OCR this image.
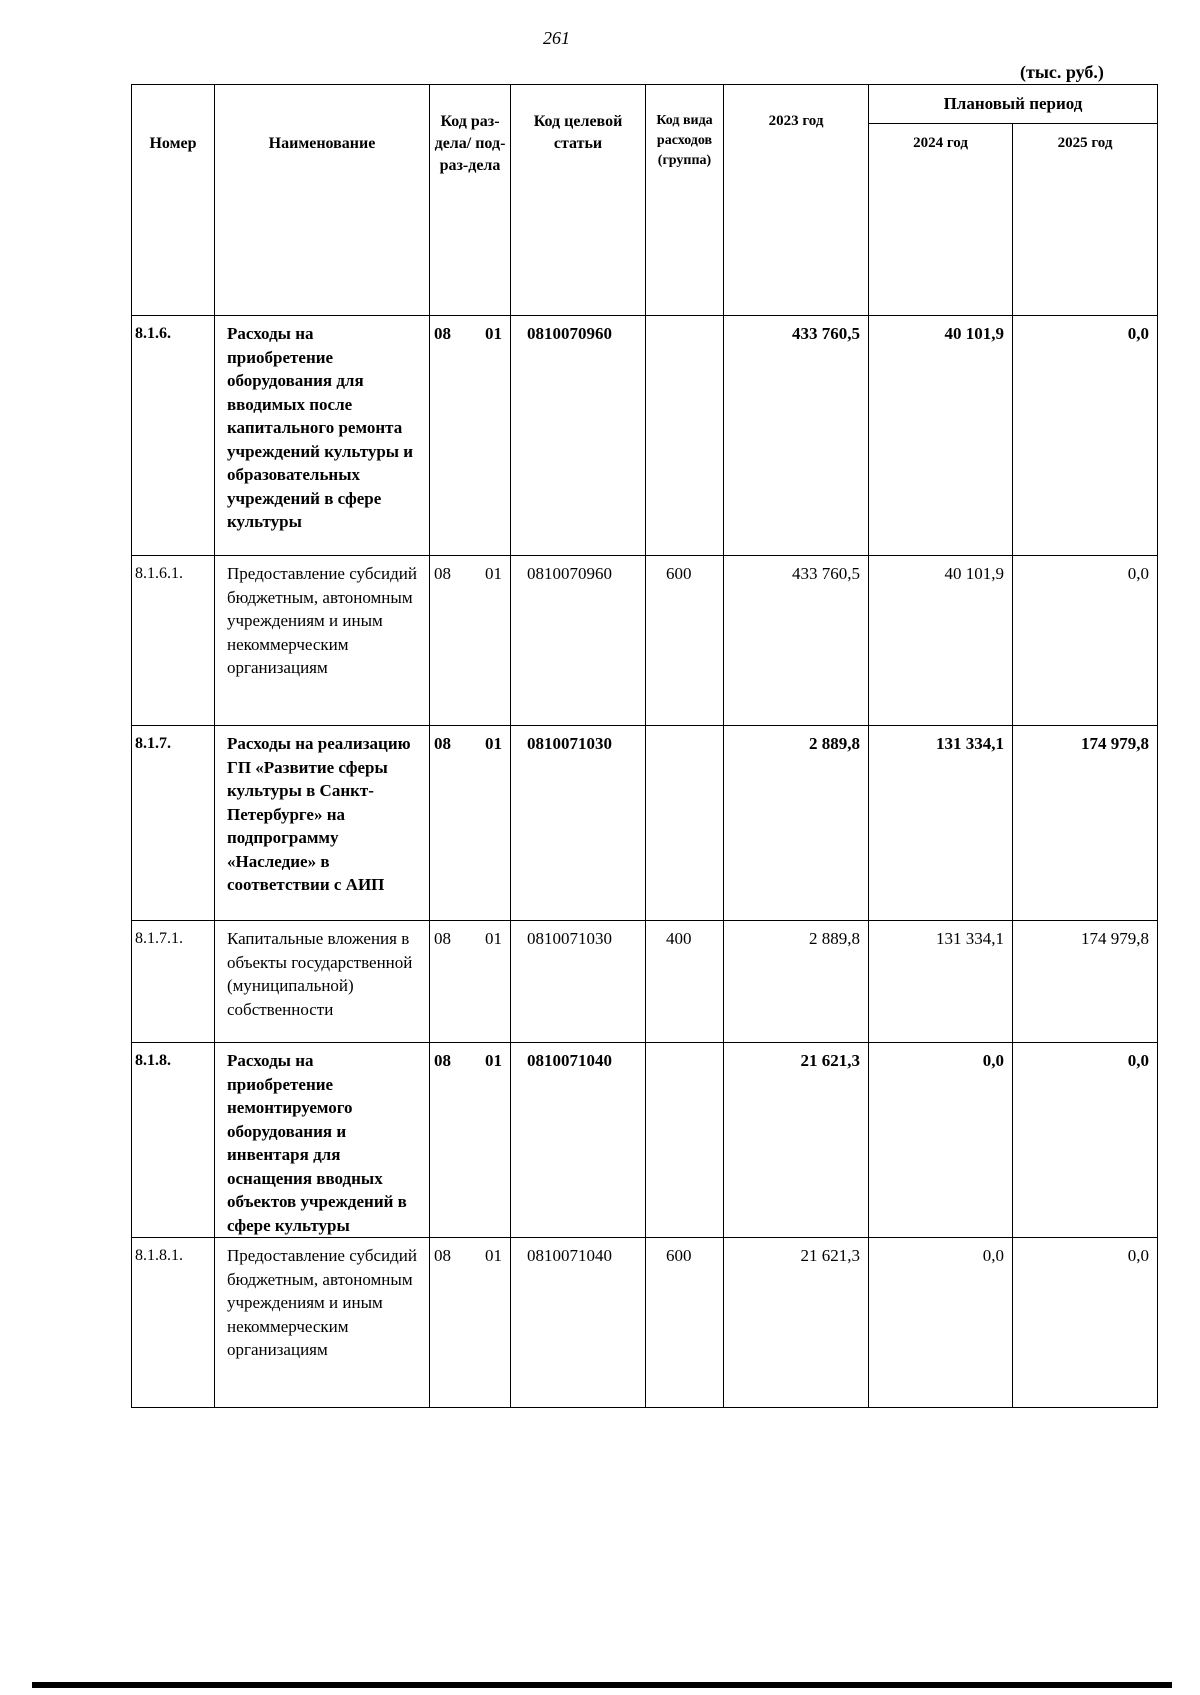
261
(тыс. руб.)
Номер	Наименование	Код раз-дела/ под-раз-дела	Код целевой статьи	Код вида расходов (группа)	2023 год	Плановый период	
						2024 год	2025 год
8.1.6.	Расходы на приобретение оборудования для вводимых после капитального ремонта учреждений культуры и образовательных учреждений в сфере культуры	08 01	0810070960		433 760,5	40 101,9	0,0
8.1.6.1.	Предоставление субсидий бюджетным, автономным учреждениям и иным некоммерческим организациям	08 01	0810070960	600	433 760,5	40 101,9	0,0
8.1.7.	Расходы на реализацию ГП «Развитие сферы культуры в Санкт-Петербурге» на подпрограмму «Наследие» в соответствии с АИП	08 01	0810071030		2 889,8	131 334,1	174 979,8
8.1.7.1.	Капитальные вложения в объекты государственной (муниципальной) собственности	08 01	0810071030	400	2 889,8	131 334,1	174 979,8
8.1.8.	Расходы на приобретение немонтируемого оборудования и инвентаря для оснащения вводных объектов учреждений в сфере культуры	08 01	0810071040		21 621,3	0,0	0,0
8.1.8.1.	Предоставление субсидий бюджетным, автономным учреждениям и иным некоммерческим организациям	08 01	0810071040	600	21 621,3	0,0	0,0
